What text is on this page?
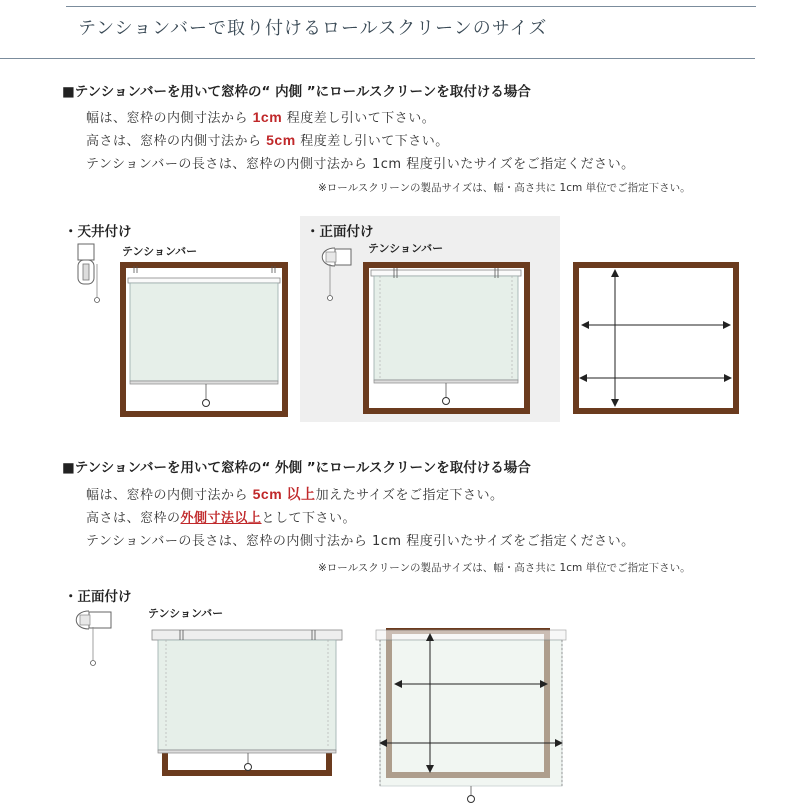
テンションバーで取り付けるロールスクリーンのサイズ
■テンションバーを用いて窓枠の“ 内側 ”にロールスクリーンを取付ける場合
幅は、窓枠の内側寸法から 1cm 程度差し引いて下さい。
高さは、窓枠の内側寸法から 5cm 程度差し引いて下さい。
テンションバーの長さは、窓枠の内側寸法から 1cm 程度引いたサイズをご指定ください。
※ロールスクリーンの製品サイズは、幅・高さ共に 1cm 単位でご指定下さい。
・天井付け	・正面付け
テンションバー	テンションバー
■テンションバーを用いて窓枠の“ 外側 ”にロールスクリーンを取付ける場合
幅は、窓枠の内側寸法から 5cm 以上加えたサイズをご指定下さい。
高さは、窓枠の外側寸法以上として下さい。
テンションバーの長さは、窓枠の内側寸法から 1cm 程度引いたサイズをご指定ください。
※ロールスクリーンの製品サイズは、幅・高さ共に 1cm 単位でご指定下さい。
・正面付け
テンションバー
